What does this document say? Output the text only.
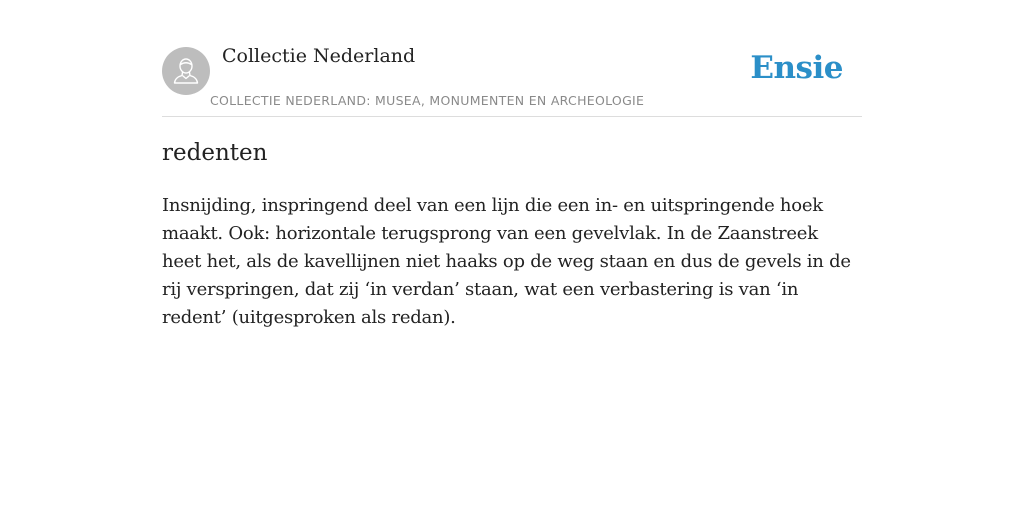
Collectie Nederland
COLLECTIE NEDERLAND: MUSEA, MONUMENTEN EN ARCHEOLOGIE
Ensie
redenten

Insnijding, inspringend deel van een lijn die een in- en uitspringende hoek maakt. Ook: horizontale terugsprong van een gevelvlak. In de Zaanstreek heet het, als de kavellijnen niet haaks op de weg staan en dus de gevels in de rij verspringen, dat zij ‘in verdan’ staan, wat een verbastering is van ‘in redent’ (uitgesproken als redan).
